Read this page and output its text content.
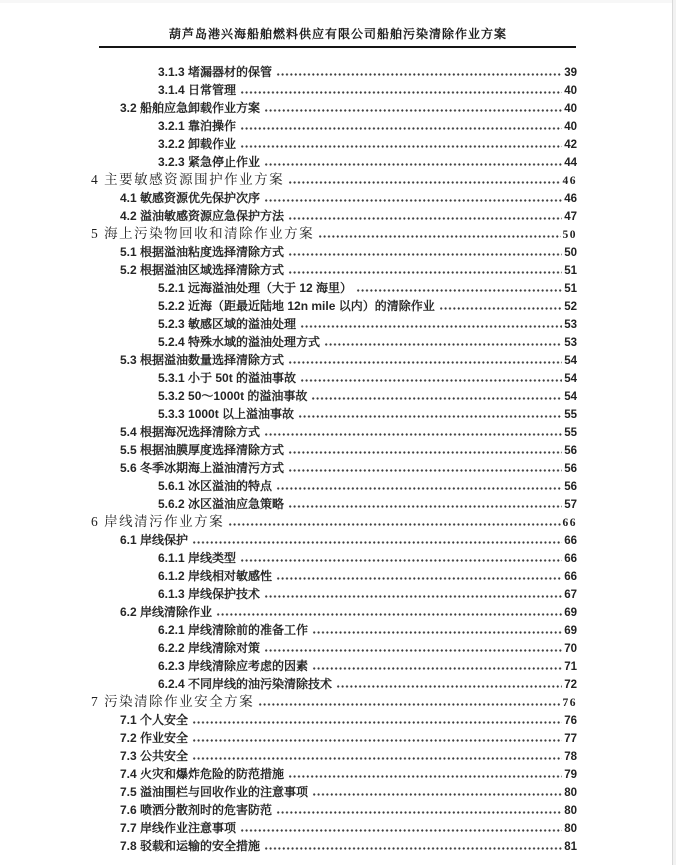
葫芦岛港兴海船舶燃料供应有限公司船舶污染清除作业方案
3.1.3 堵漏器材的保管	39
3.1.4 日常管理	40
3.2 船舶应急卸载作业方案	40
3.2.1 靠泊操作	40
3.2.2 卸载作业	42
3.2.3 紧急停止作业	44
4 主要敏感资源围护作业方案	46
4.1 敏感资源优先保护次序	46
4.2 溢油敏感资源应急保护方法	47
5 海上污染物回收和清除作业方案	50
5.1 根据溢油粘度选择清除方式	50
5.2 根据溢油区域选择清除方式	51
5.2.1 远海溢油处理（大于 12 海里）	51
5.2.2 近海（距最近陆地 12n mile 以内）的清除作业	52
5.2.3 敏感区域的溢油处理	53
5.2.4 特殊水域的溢油处理方式	53
5.3 根据溢油数量选择清除方式	54
5.3.1 小于 50t 的溢油事故	54
5.3.2 50～1000t 的溢油事故	54
5.3.3 1000t 以上溢油事故	55
5.4 根据海况选择清除方式	55
5.5 根据油膜厚度选择清除方式	56
5.6 冬季冰期海上溢油清污方式	56
5.6.1 冰区溢油的特点	56
5.6.2 冰区溢油应急策略	57
6 岸线清污作业方案	66
6.1 岸线保护	66
6.1.1 岸线类型	66
6.1.2 岸线相对敏感性	66
6.1.3 岸线保护技术	67
6.2 岸线清除作业	69
6.2.1 岸线清除前的准备工作	69
6.2.2 岸线清除对策	70
6.2.3 岸线清除应考虑的因素	71
6.2.4 不同岸线的油污染清除技术	72
7 污染清除作业安全方案	76
7.1 个人安全	76
7.2 作业安全	77
7.3 公共安全	78
7.4 火灾和爆炸危险的防范措施	79
7.5 溢油围栏与回收作业的注意事项	80
7.6 喷洒分散剂时的危害防范	80
7.7 岸线作业注意事项	80
7.8 驳载和运输的安全措施	81
